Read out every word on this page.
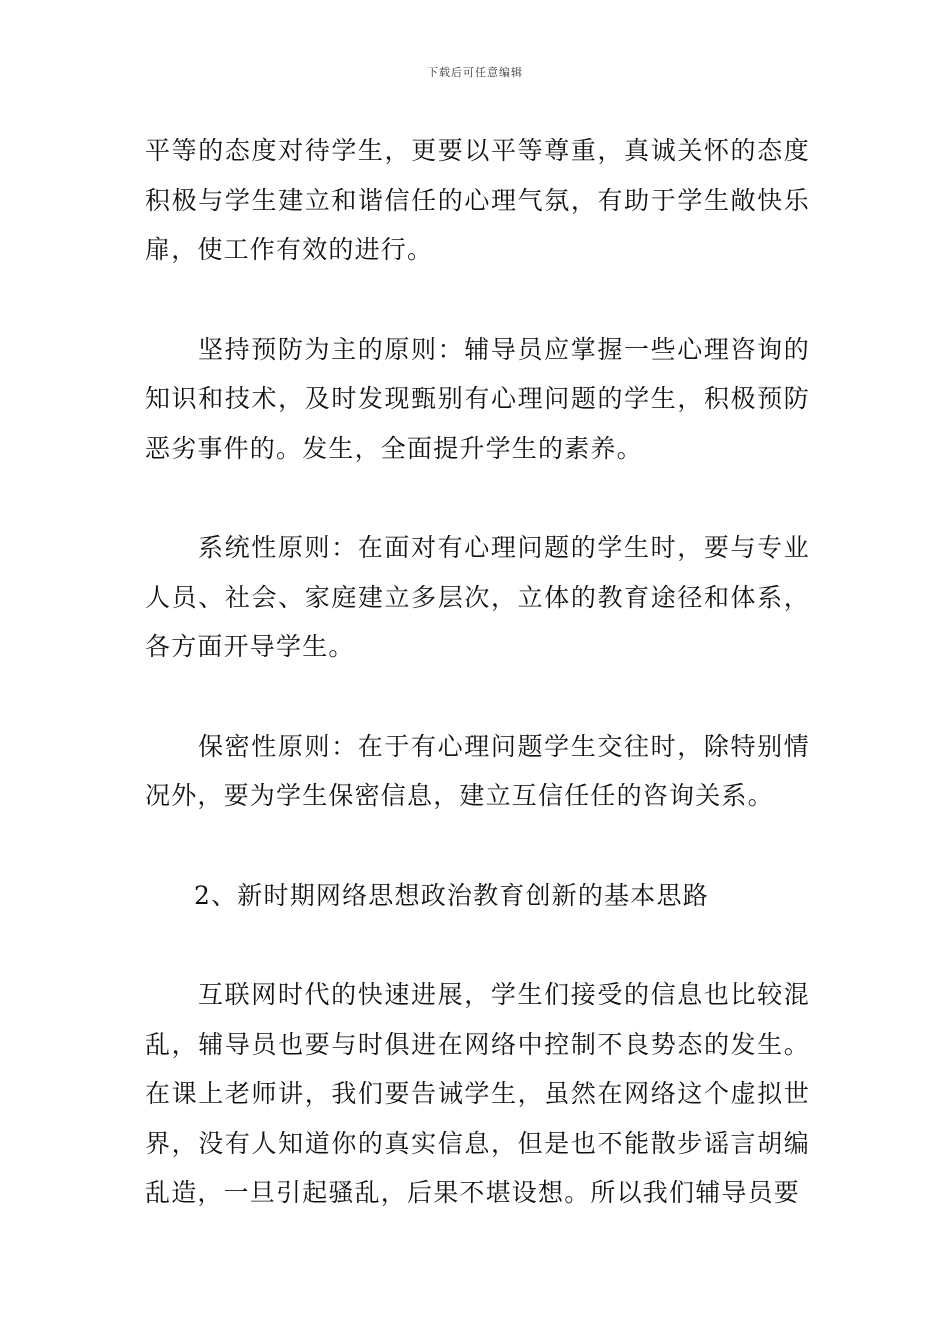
下载后可任意编辑

平等的态度对待学生，更要以平等尊重，真诚关怀的态度积极与学生建立和谐信任的心理气氛，有助于学生敞快乐扉，使工作有效的进行。

坚持预防为主的原则：辅导员应掌握一些心理咨询的知识和技术，及时发现甄别有心理问题的学生，积极预防恶劣事件的。发生，全面提升学生的素养。

系统性原则：在面对有心理问题的学生时，要与专业人员、社会、家庭建立多层次，立体的教育途径和体系，各方面开导学生。

保密性原则：在于有心理问题学生交往时，除特别情况外，要为学生保密信息，建立互信任任的咨询关系。

2、新时期网络思想政治教育创新的基本思路

互联网时代的快速进展，学生们接受的信息也比较混乱，辅导员也要与时俱进在网络中控制不良势态的发生。在课上老师讲，我们要告诫学生，虽然在网络这个虚拟世界，没有人知道你的真实信息，但是也不能散步谣言胡编乱造，一旦引起骚乱，后果不堪设想。所以我们辅导员要
